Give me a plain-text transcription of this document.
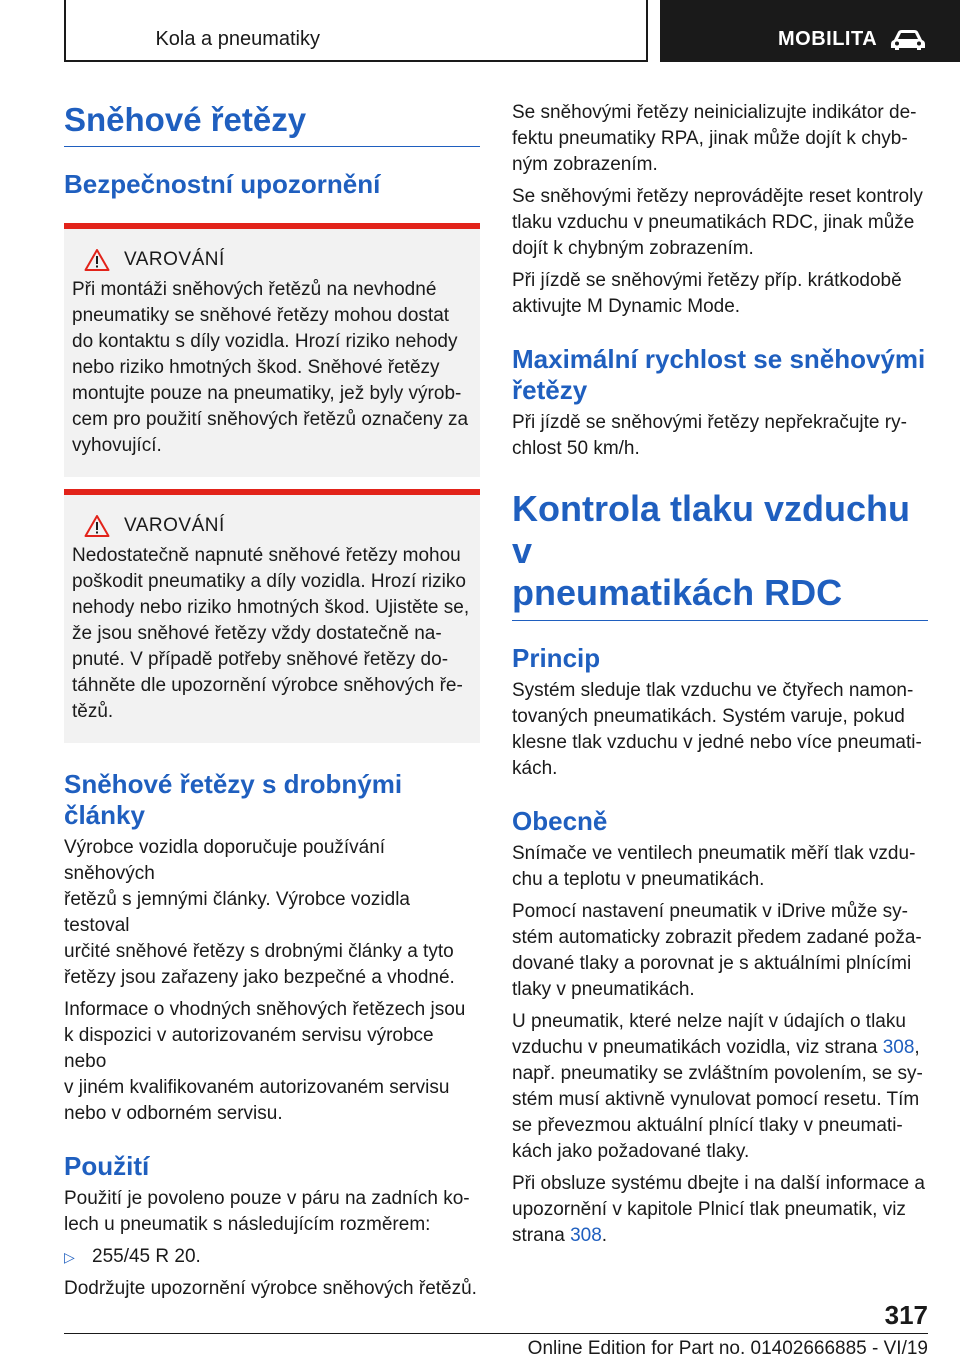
Kola a pneumatiky	MOBILITA
Sněhové řetězy
Bezpečnostní upozornění
VAROVÁNÍ

Při montáži sněhových řetězů na nevhodné

pneumatiky se sněhové řetězy mohou dostat

do kontaktu s díly vozidla. Hrozí riziko nehody

nebo riziko hmotných škod. Sněhové řetězy

montujte pouze na pneumatiky, jež byly výrob‐

cem pro použití sněhových řetězů označeny za

vyhovující.

VAROVÁNÍ

Nedostatečně napnuté sněhové řetězy mohou

poškodit pneumatiky a díly vozidla. Hrozí riziko

nehody nebo riziko hmotných škod. Ujistěte se,

že jsou sněhové řetězy vždy dostatečně na‐

pnuté. V případě potřeby sněhové řetězy do‐

táhněte dle upozornění výrobce sněhových ře‐

tězů.

Sněhové řetězy s drobnými
články

Výrobce vozidla doporučuje používání sněhových

řetězů s jemnými články. Výrobce vozidla testoval

určité sněhové řetězy s drobnými články a tyto

řetězy jsou zařazeny jako bezpečné a vhodné.

Informace o vhodných sněhových řetězech jsou

k dispozici v autorizovaném servisu výrobce nebo

v jiném kvalifikovaném autorizovaném servisu

nebo v odborném servisu.

Použití

Použití je povoleno pouze v páru na zadních ko‐

lech u pneumatik s následujícím rozměrem:

▷ 255/45 R 20.

Dodržujte upozornění výrobce sněhových řetězů.

Se sněhovými řetězy neinicializujte indikátor de‐

fektu pneumatiky RPA, jinak může dojít k chyb‐

ným zobrazením.

Se sněhovými řetězy neprovádějte reset kontroly

tlaku vzduchu v pneumatikách RDC, jinak může

dojít k chybným zobrazením.

Při jízdě se sněhovými řetězy příp. krátkodobě

aktivujte M Dynamic Mode.

Maximální rychlost se sněhovými
řetězy

Při jízdě se sněhovými řetězy nepřekračujte ry‐

chlost 50 km/h.

Kontrola tlaku vzduchu v
pneumatikách RDC
Princip

Systém sleduje tlak vzduchu ve čtyřech namon‐

tovaných pneumatikách. Systém varuje, pokud

klesne tlak vzduchu v jedné nebo více pneumati‐

kách.

Obecně

Snímače ve ventilech pneumatik měří tlak vzdu‐

chu a teplotu v pneumatikách.

Pomocí nastavení pneumatik v iDrive může sy‐

stém automaticky zobrazit předem zadané poža‐

dované tlaky a porovnat je s aktuálními plnícími

tlaky v pneumatikách.

U pneumatik, které nelze najít v údajích o tlaku

vzduchu v pneumatikách vozidla, viz strana 308,

např. pneumatiky se zvláštním povolením, se sy‐

stém musí aktivně vynulovat pomocí resetu. Tím

se převezmou aktuální plnící tlaky v pneumati‐

kách jako požadované tlaky.

Při obsluze systému dbejte i na další informace a

upozornění v kapitole Plnicí tlak pneumatik, viz

strana 308.

317
Online Edition for Part no. 01402666885 - VI/19
